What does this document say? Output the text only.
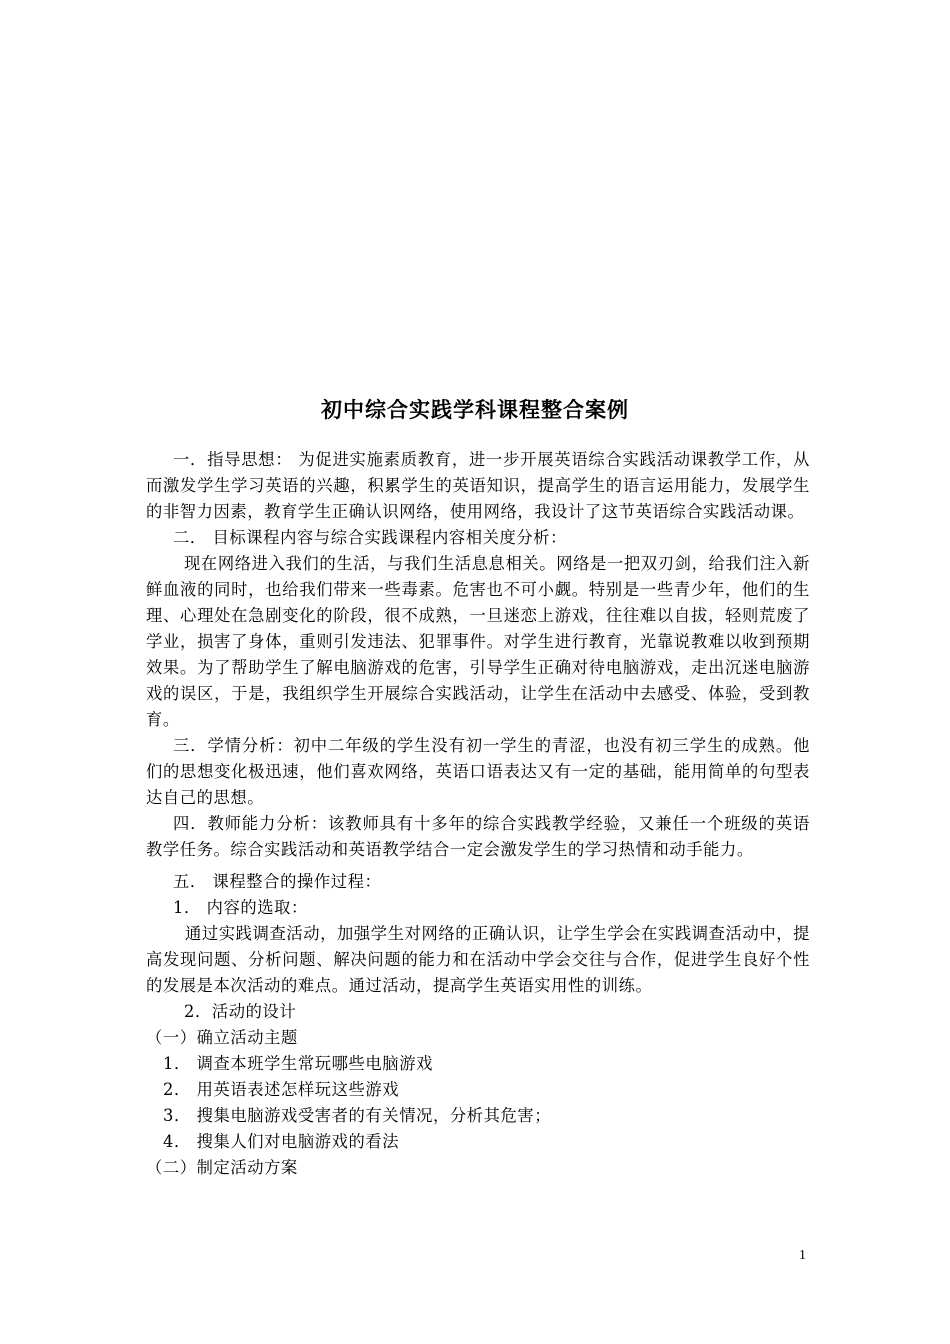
初中综合实践学科课程整合案例

一．指导思想： 为促进实施素质教育，进一步开展英语综合实践活动课教学工作，从而激发学生学习英语的兴趣，积累学生的英语知识，提高学生的语言运用能力，发展学生的非智力因素，教育学生正确认识网络，使用网络，我设计了这节英语综合实践活动课。

二． 目标课程内容与综合实践课程内容相关度分析：

现在网络进入我们的生活，与我们生活息息相关。网络是一把双刃剑，给我们注入新鲜血液的同时，也给我们带来一些毒素。危害也不可小觑。特别是一些青少年，他们的生理、心理处在急剧变化的阶段，很不成熟，一旦迷恋上游戏，往往难以自拔，轻则荒废了学业，损害了身体，重则引发违法、犯罪事件。对学生进行教育，光靠说教难以收到预期效果。为了帮助学生了解电脑游戏的危害，引导学生正确对待电脑游戏，走出沉迷电脑游戏的误区，于是，我组织学生开展综合实践活动，让学生在活动中去感受、体验，受到教育。

三．学情分析：初中二年级的学生没有初一学生的青涩，也没有初三学生的成熟。他们的思想变化极迅速，他们喜欢网络，英语口语表达又有一定的基础，能用简单的句型表达自己的思想。

四．教师能力分析：该教师具有十多年的综合实践教学经验，又兼任一个班级的英语教学任务。综合实践活动和英语教学结合一定会激发学生的学习热情和动手能力。

五． 课程整合的操作过程：

1． 内容的选取：

通过实践调查活动，加强学生对网络的正确认识，让学生学会在实践调查活动中，提高发现问题、分析问题、解决问题的能力和在活动中学会交往与合作，促进学生良好个性的发展是本次活动的难点。通过活动，提高学生英语实用性的训练。

2．活动的设计

（一）确立活动主题

1． 调查本班学生常玩哪些电脑游戏

2． 用英语表述怎样玩这些游戏

3． 搜集电脑游戏受害者的有关情况，分析其危害；

4． 搜集人们对电脑游戏的看法

（二）制定活动方案

1
